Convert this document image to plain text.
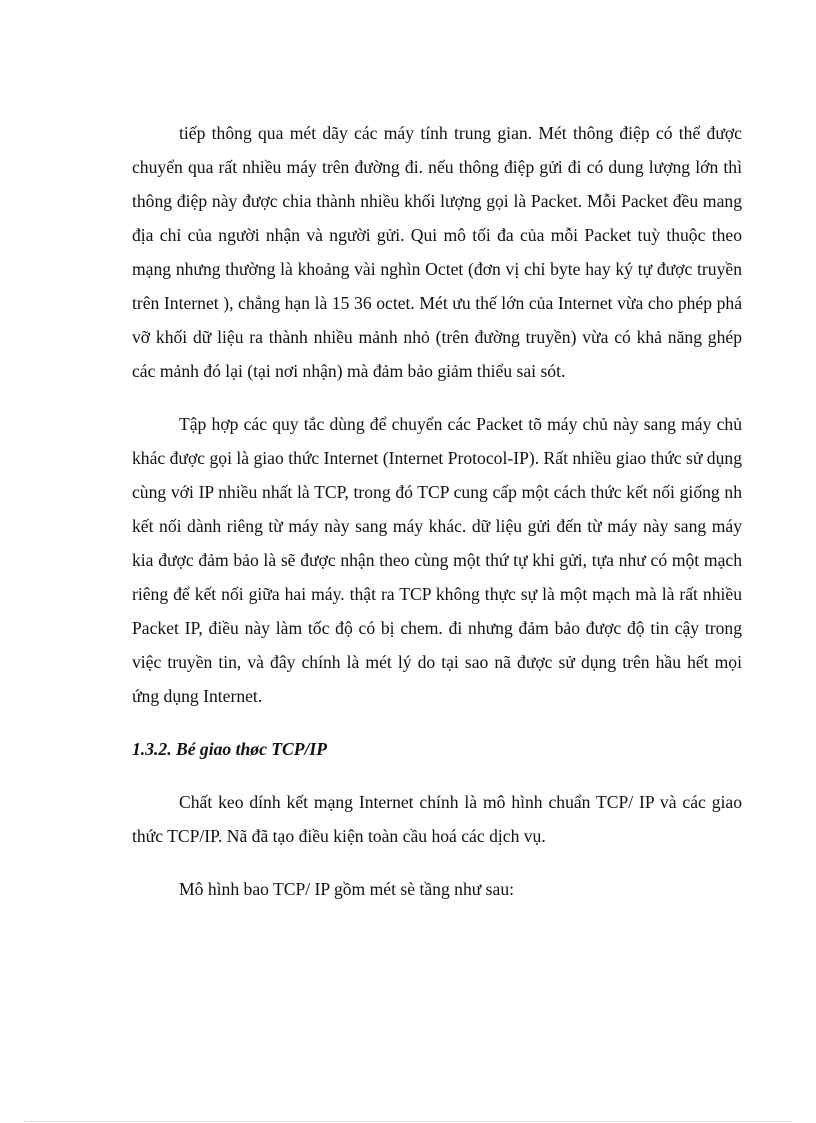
tiếp thông qua mét dãy các máy tính trung gian. Mét thông điệp có thể được chuyển qua rất nhiều máy trên đường đi. nếu thông điệp gửi đi có dung lượng lớn thì thông điệp này được chia thành nhiều khối lượng gọi là Packet. Mỗi Packet đều mang địa chỉ của người nhận và người gửi. Qui mô tối đa của mỗi Packet tuỳ thuộc theo mạng nhưng thường là khoảng vài nghìn Octet (đơn vị chỉ byte hay ký tự được truyền trên Internet ), chẳng hạn là 15 36 octet. Mét ưu thế lớn của Internet vừa cho phép phá vỡ khối dữ liệu ra thành nhiều mảnh nhỏ (trên đường truyền) vừa có khả năng ghép các mảnh đó lại (tại nơi nhận) mà đảm bảo giảm thiểu sai sót.

Tập hợp các quy tắc dùng để chuyển các Packet tõ máy chủ này sang máy chủ khác được gọi là giao thức Internet (Internet Protocol-IP). Rất nhiều giao thức sử dụng cùng với IP nhiều nhất là TCP, trong đó TCP cung cấp một cách thức kết nối giống nh kết nối dành riêng từ máy này sang máy khác. dữ liệu gửi đến từ máy này sang máy kia được đảm bảo là sẽ được nhận theo cùng một thứ tự khi gửi, tựa như có một mạch riêng để kết nối giữa hai máy. thật ra TCP không thực sự là một mạch mà là rất nhiều Packet IP, điều này làm tốc độ có bị chem. đi nhưng đảm bảo được độ tin cậy trong việc truyền tin, và đây chính là mét lý do tại sao nã được sử dụng trên hầu hết mọi ứng dụng Internet.

1.3.2. Bé giao thøc TCP/IP

Chất keo dính kết mạng Internet chính là mô hình chuẩn TCP/ IP và các giao thức TCP/IP. Nã đã tạo điều kiện toàn cầu hoá các dịch vụ.

Mô hình bao TCP/ IP gồm mét sè tầng như sau:
